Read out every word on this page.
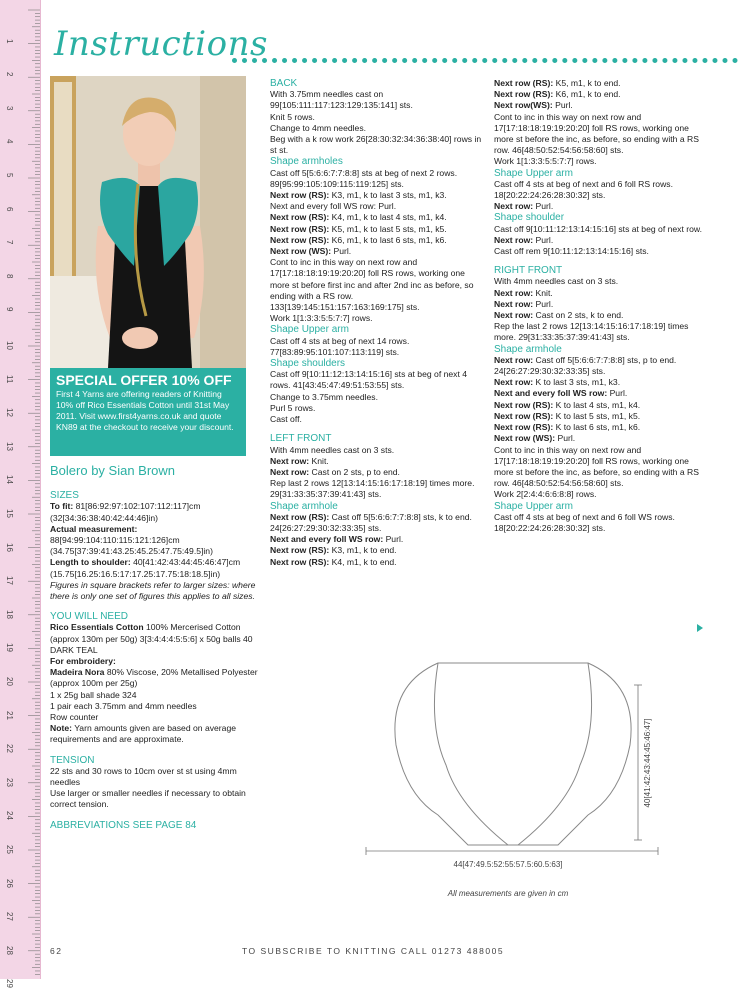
1
2
3
4
5
6
7
8
9
10
11
12
13
14
15
16
17
18
19
20
21
22
23
24
25
26
27
28
29
Instructions
SPECIAL OFFER 10% OFF
First 4 Yarns are offering readers of Knitting 10% off Rico Essentials Cotton until 31st May 2011. Visit www.first4yarns.co.uk and quote KN89 at the checkout to receive your discount.

Bolero by Sian Brown

SIZES

To fit: 81[86:92:97:102:107:112:117]cm (32[34:36:38:40:42:44:46]in)

Actual measurement: 88[94:99:104:110:115:121:126]cm (34.75[37:39:41:43.25:45.25:47.75:49.5]in)

Length to shoulder: 40[41:42:43:44:45:46:47]cm (15.75[16.25:16.5:17:17.25:17.75:18:18.5]in)

Figures in square brackets refer to larger sizes: where there is only one set of figures this applies to all sizes.

YOU WILL NEED

Rico Essentials Cotton 100% Mercerised Cotton (approx 130m per 50g) 3[3:4:4:4:5:5:6] x 50g balls 40 DARK TEAL

For embroidery:

Madeira Nora 80% Viscose, 20% Metallised Polyester (approx 100m per 25g)

1 x 25g ball shade 324

1 pair each 3.75mm and 4mm needles

Row counter

Note: Yarn amounts given are based on average requirements and are approximate.

TENSION

22 sts and 30 rows to 10cm over st st using 4mm needles

Use larger or smaller needles if necessary to obtain correct tension.

ABBREVIATIONS SEE PAGE 84

BACK

With 3.75mm needles cast on 99[105:111:117:123:129:135:141] sts.

Knit 5 rows.

Change to 4mm needles.

Beg with a k row work 26[28:30:32:34:36:38:40] rows in st st.

Shape armholes

Cast off 5[5:6:6:7:7:8:8] sts at beg of next 2 rows. 89[95:99:105:109:115:119:125] sts.

Next row (RS): K3, m1, k to last 3 sts, m1, k3.

Next and every foll WS row: Purl.

Next row (RS): K4, m1, k to last 4 sts, m1, k4.

Next row (RS): K5, m1, k to last 5 sts, m1, k5.

Next row (RS): K6, m1, k to last 6 sts, m1, k6.

Next row (WS): Purl.

Cont to inc in this way on next row and 17[17:18:18:19:19:20:20] foll RS rows, working one more st before first inc and after 2nd inc as before, so ending with a RS row. 133[139:145:151:157:163:169:175] sts.

Work 1[1:3:3:5:5:7:7] rows.

Shape Upper arm

Cast off 4 sts at beg of next 14 rows. 77[83:89:95:101:107:113:119] sts.

Shape shoulders

Cast off 9[10:11:12:13:14:15:16] sts at beg of next 4 rows. 41[43:45:47:49:51:53:55] sts.

Change to 3.75mm needles.

Purl 5 rows.

Cast off.

LEFT FRONT

With 4mm needles cast on 3 sts.

Next row: Knit.

Next row: Cast on 2 sts, p to end.

Rep last 2 rows 12[13:14:15:16:17:18:19] times more. 29[31:33:35:37:39:41:43] sts.

Shape armhole

Next row (RS): Cast off 5[5:6:6:7:7:8:8] sts, k to end. 24[26:27:29:30:32:33:35] sts.

Next and every foll WS row: Purl.

Next row (RS): K3, m1, k to end.

Next row (RS): K4, m1, k to end.

Next row (RS): K5, m1, k to end.

Next row (RS): K6, m1, k to end.

Next row(WS): Purl.

Cont to inc in this way on next row and 17[17:18:18:19:19:20:20] foll RS rows, working one more st before the inc, as before, so ending with a RS row. 46[48:50:52:54:56:58:60] sts.

Work 1[1:3:3:5:5:7:7] rows.

Shape Upper arm

Cast off 4 sts at beg of next and 6 foll RS rows. 18[20:22:24:26:28:30:32] sts.

Next row: Purl.

Shape shoulder

Cast off 9[10:11:12:13:14:15:16] sts at beg of next row.

Next row: Purl.

Cast off rem 9[10:11:12:13:14:15:16] sts.

RIGHT FRONT

With 4mm needles cast on 3 sts.

Next row: Knit.

Next row: Purl.

Next row: Cast on 2 sts, k to end.

Rep the last 2 rows 12[13:14:15:16:17:18:19] times more. 29[31:33:35:37:39:41:43] sts.

Shape armhole

Next row: Cast off 5[5:6:6:7:7:8:8] sts, p to end. 24[26:27:29:30:32:33:35] sts.

Next row: K to last 3 sts, m1, k3.

Next and every foll WS row: Purl.

Next row (RS): K to last 4 sts, m1, k4.

Next row (RS): K to last 5 sts, m1, k5.

Next row (RS): K to last 6 sts, m1, k6.

Next row (WS): Purl.

Cont to inc in this way on next row and 17[17:18:18:19:19:20:20] foll RS rows, working one more st before the inc, as before, so ending with a RS row. 46[48:50:52:54:56:58:60] sts.

Work 2[2:4:4:6:6:8:8] rows.

Shape Upper arm

Cast off 4 sts at beg of next and 6 foll WS rows. 18[20:22:24:26:28:30:32] sts.

44[47:49.5:52:55:57.5:60.5:63]
40[41:42:43:44:45:46:47]
All measurements are given in cm
62	TO SUBSCRIBE TO KNITTING CALL 01273 488005
